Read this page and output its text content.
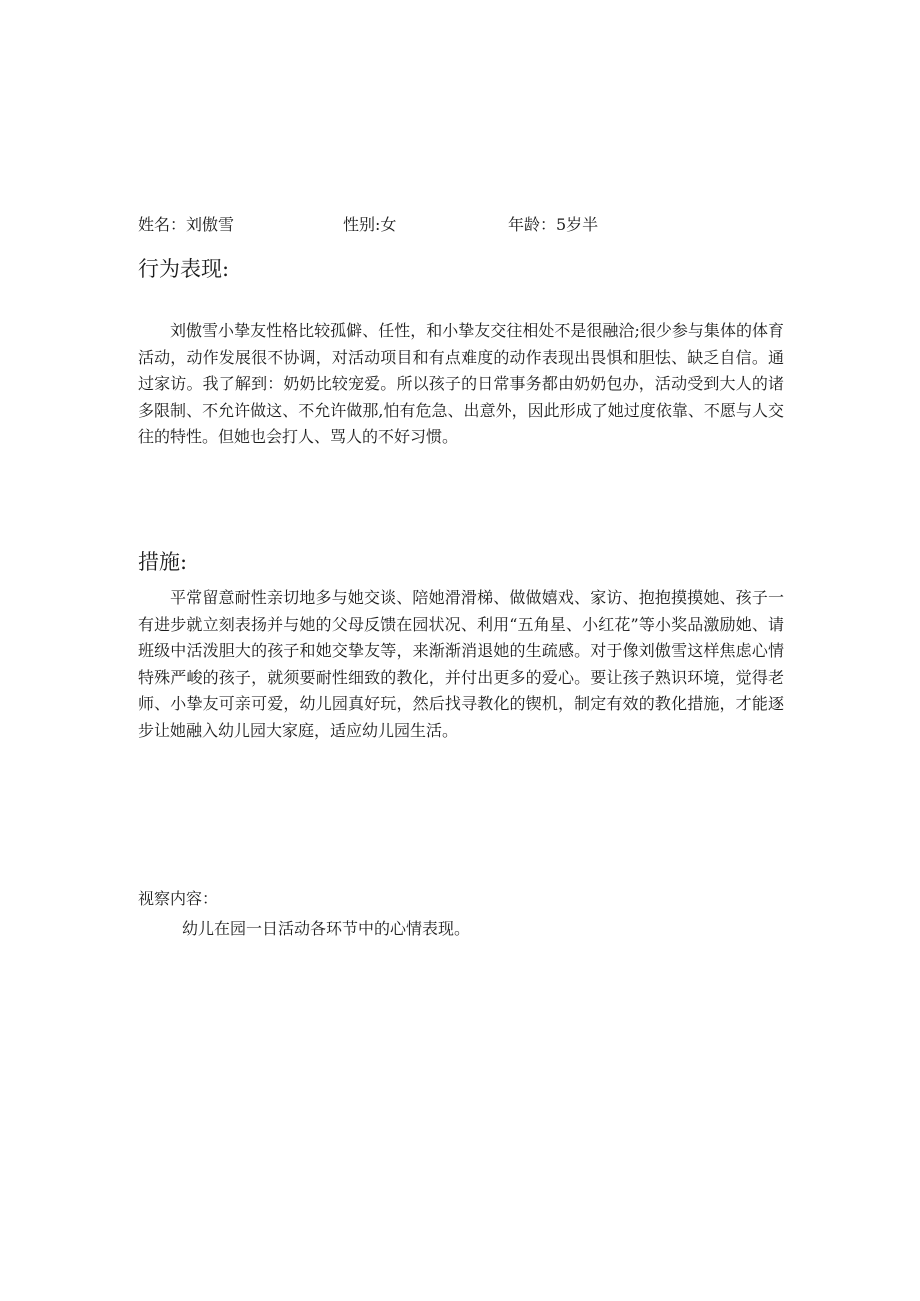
姓名：刘傲雪	性别:女	年龄：5岁半
行为表现:

刘傲雪小挚友性格比较孤僻、任性，和小挚友交往相处不是很融洽;很少参与集体的体育活动，动作发展很不协调，对活动项目和有点难度的动作表现出畏惧和胆怯、缺乏自信。通过家访。我了解到：奶奶比较宠爱。所以孩子的日常事务都由奶奶包办，活动受到大人的诸多限制、不允许做这、不允许做那,怕有危急、出意外，因此形成了她过度依靠、不愿与人交往的特性。但她也会打人、骂人的不好习惯。

措施:

平常留意耐性亲切地多与她交谈、陪她滑滑梯、做做嬉戏、家访、抱抱摸摸她、孩子一有进步就立刻表扬并与她的父母反馈在园状况、利用“五角星、小红花”等小奖品激励她、请班级中活泼胆大的孩子和她交挚友等，来渐渐消退她的生疏感。对于像刘傲雪这样焦虑心情特殊严峻的孩子，就须要耐性细致的教化，并付出更多的爱心。要让孩子熟识环境，觉得老师、小挚友可亲可爱，幼儿园真好玩，然后找寻教化的锲机，制定有效的教化措施，才能逐步让她融入幼儿园大家庭，适应幼儿园生活。

视察内容：

幼儿在园一日活动各环节中的心情表现。
